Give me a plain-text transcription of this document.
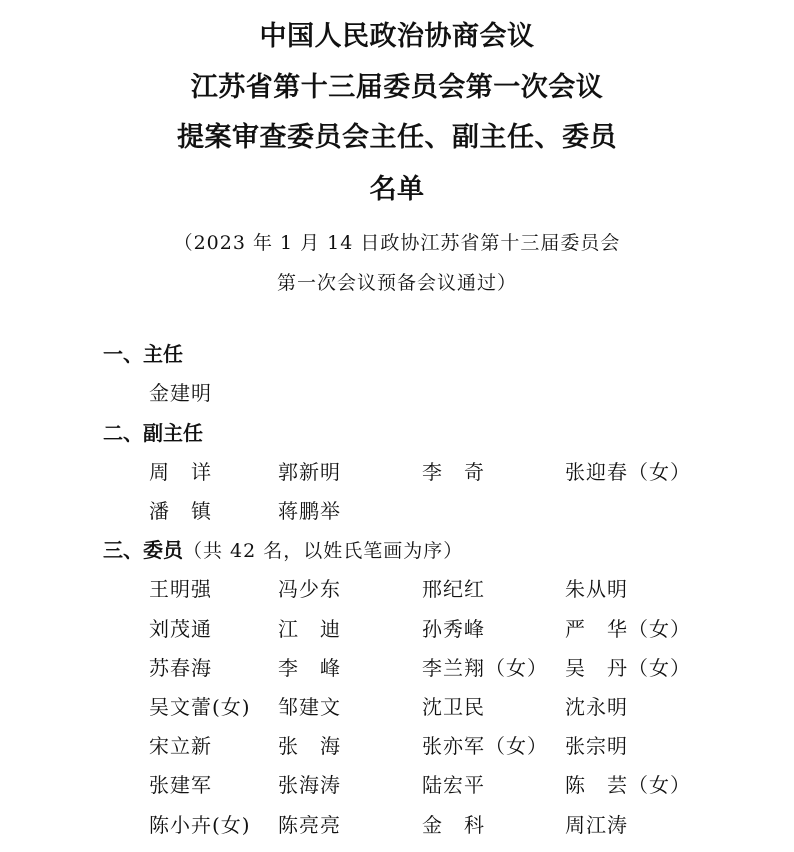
中国人民政治协商会议
江苏省第十三届委员会第一次会议
提案审查委员会主任、副主任、委员
名单
（2023 年 1 月 14 日政协江苏省第十三届委员会
第一次会议预备会议通过）
一、主任
金建明
二、副主任
周　详	郭新明	李　奇	张迎春（女）
潘　镇	蒋鹏举
三、委员（共 42 名，以姓氏笔画为序）
王明强	冯少东	邢纪红	朱从明
刘茂通	江　迪	孙秀峰	严　华（女）
苏春海	李　峰	李兰翔（女） 吴　丹（女）
吴文蕾(女) 邹建文	沈卫民	沈永明
宋立新	张　海	张亦军（女） 张宗明
张建军	张海涛	陆宏平	陈　芸（女）
陈小卉(女) 陈亮亮	金　科	周江涛
